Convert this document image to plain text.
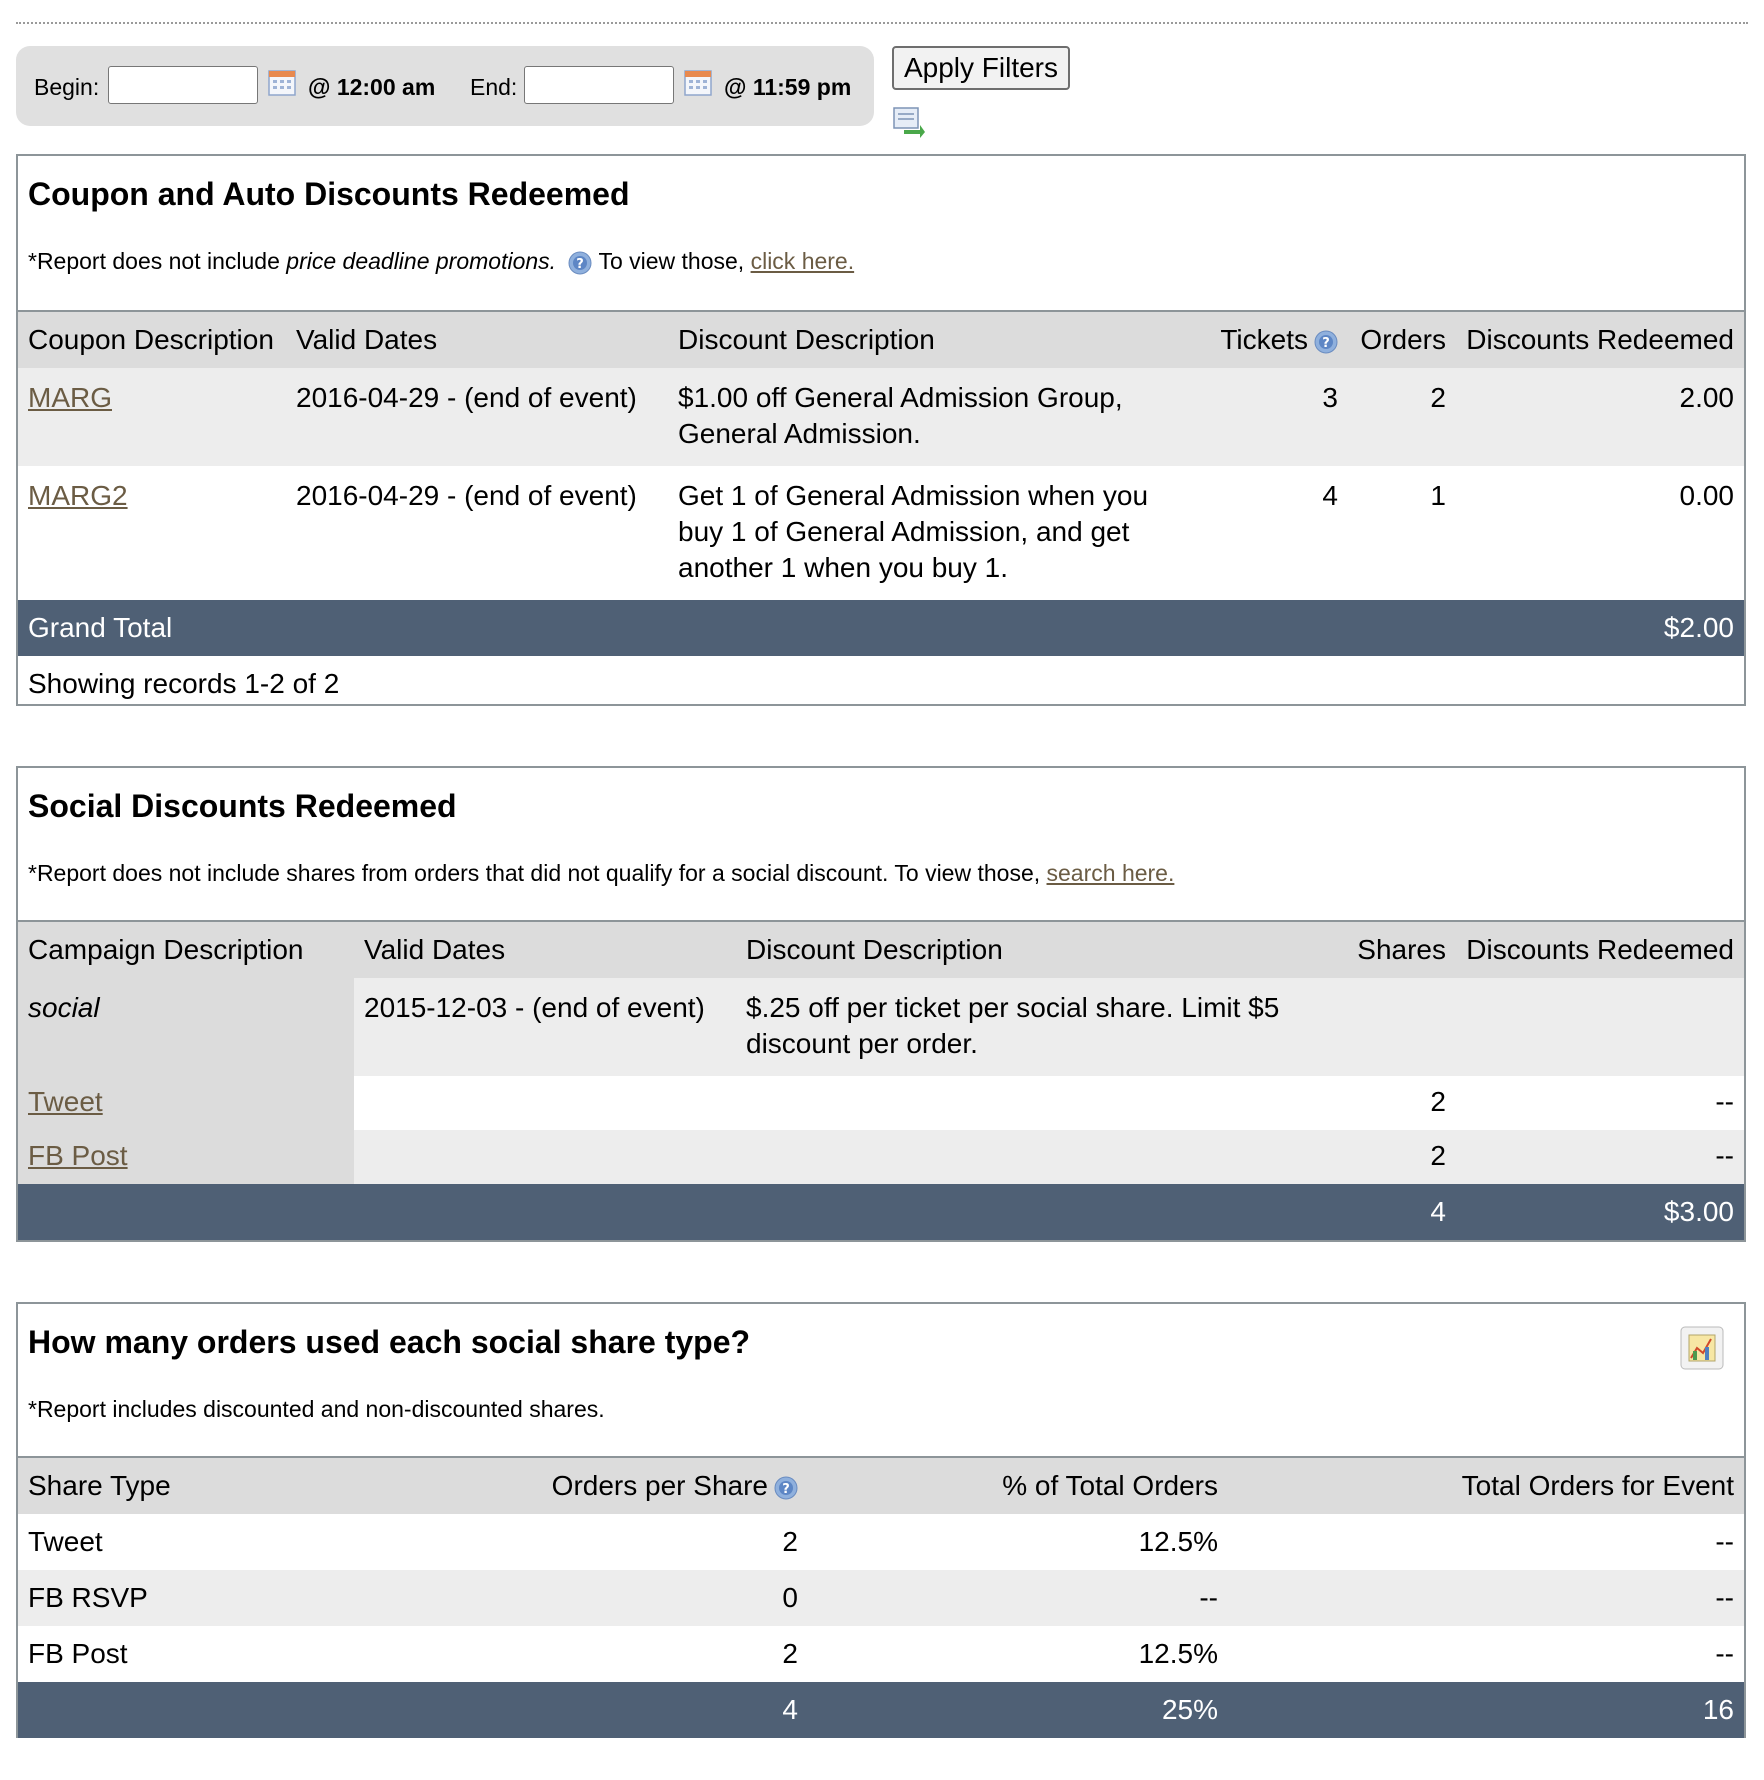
Begin:	@ 12:00 am End:	@ 11:59 pm
Apply Filters
Coupon and Auto Discounts Redeemed
*Report does not include price deadline promotions. ? To view those, click here.
Coupon Description	Valid Dates	Discount Description	Tickets ?	Orders	Discounts Redeemed
MARG	2016-04-29 - (end of event)	$1.00 off General Admission Group, General Admission.	3	2	2.00
MARG2	2016-04-29 - (end of event)	Get 1 of General Admission when you buy 1 of General Admission, and get another 1 when you buy 1.	4	1	0.00
Grand Total					$2.00
Showing records 1-2 of 2					
Social Discounts Redeemed
*Report does not include shares from orders that did not qualify for a social discount. To view those, search here.
Campaign Description	Valid Dates	Discount Description	Shares	Discounts Redeemed
social	2015-12-03 - (end of event)	$.25 off per ticket per social share. Limit $5 discount per order.		
Tweet			2	--
FB Post			2	--
			4	$3.00
How many orders used each social share type?
*Report includes discounted and non-discounted shares.
Share Type	Orders per Share ?	% of Total Orders	Total Orders for Event
Tweet	2	12.5%	--
FB RSVP	0	--	--
FB Post	2	12.5%	--
	4	25%	16
